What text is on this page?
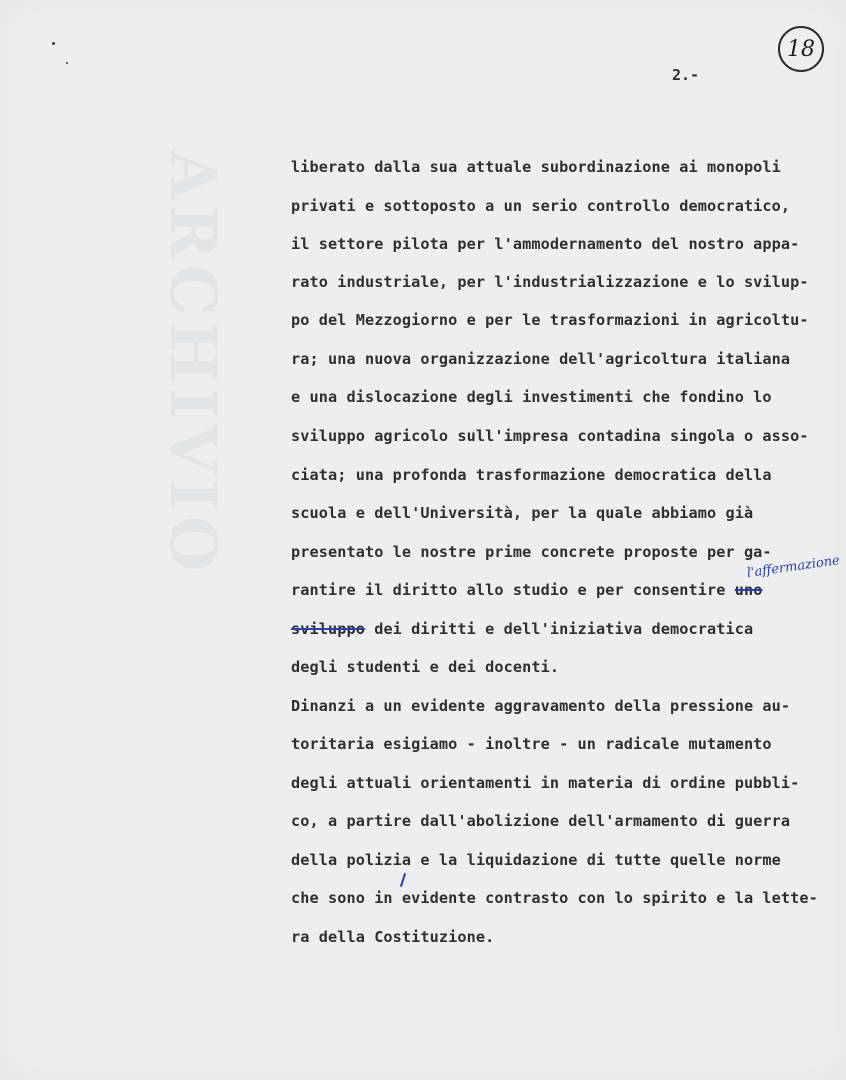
ARCHIVIO
18
2.-
liberato dalla sua attuale subordinazione ai monopoli
privati e sottoposto a un serio controllo democratico,
il settore pilota per l'ammodernamento del nostro appa-
rato industriale, per l'industrializzazione e lo svilup-
po del Mezzogiorno e per le trasformazioni in agricoltu-
ra; una nuova organizzazione dell'agricoltura italiana
e una dislocazione degli investimenti che fondino lo
sviluppo agricolo sull'impresa contadina singola o asso-
ciata; una profonda trasformazione democratica della
scuola e dell'Università, per la quale abbiamo già
presentato le nostre prime concrete proposte per ga-
rantire il diritto allo studio e per consentire uno
sviluppo dei diritti e dell'iniziativa democratica
degli studenti e dei docenti.
Dinanzi a un evidente aggravamento della pressione au-
toritaria esigiamo - inoltre - un radicale mutamento
degli attuali orientamenti in materia di ordine pubbli-
co, a partire dall'abolizione dell'armamento di guerra
della polizia e la liquidazione di tutte quelle norme
che sono in evidente contrasto con lo spirito e la lette-
ra della Costituzione.
l'affermazione
